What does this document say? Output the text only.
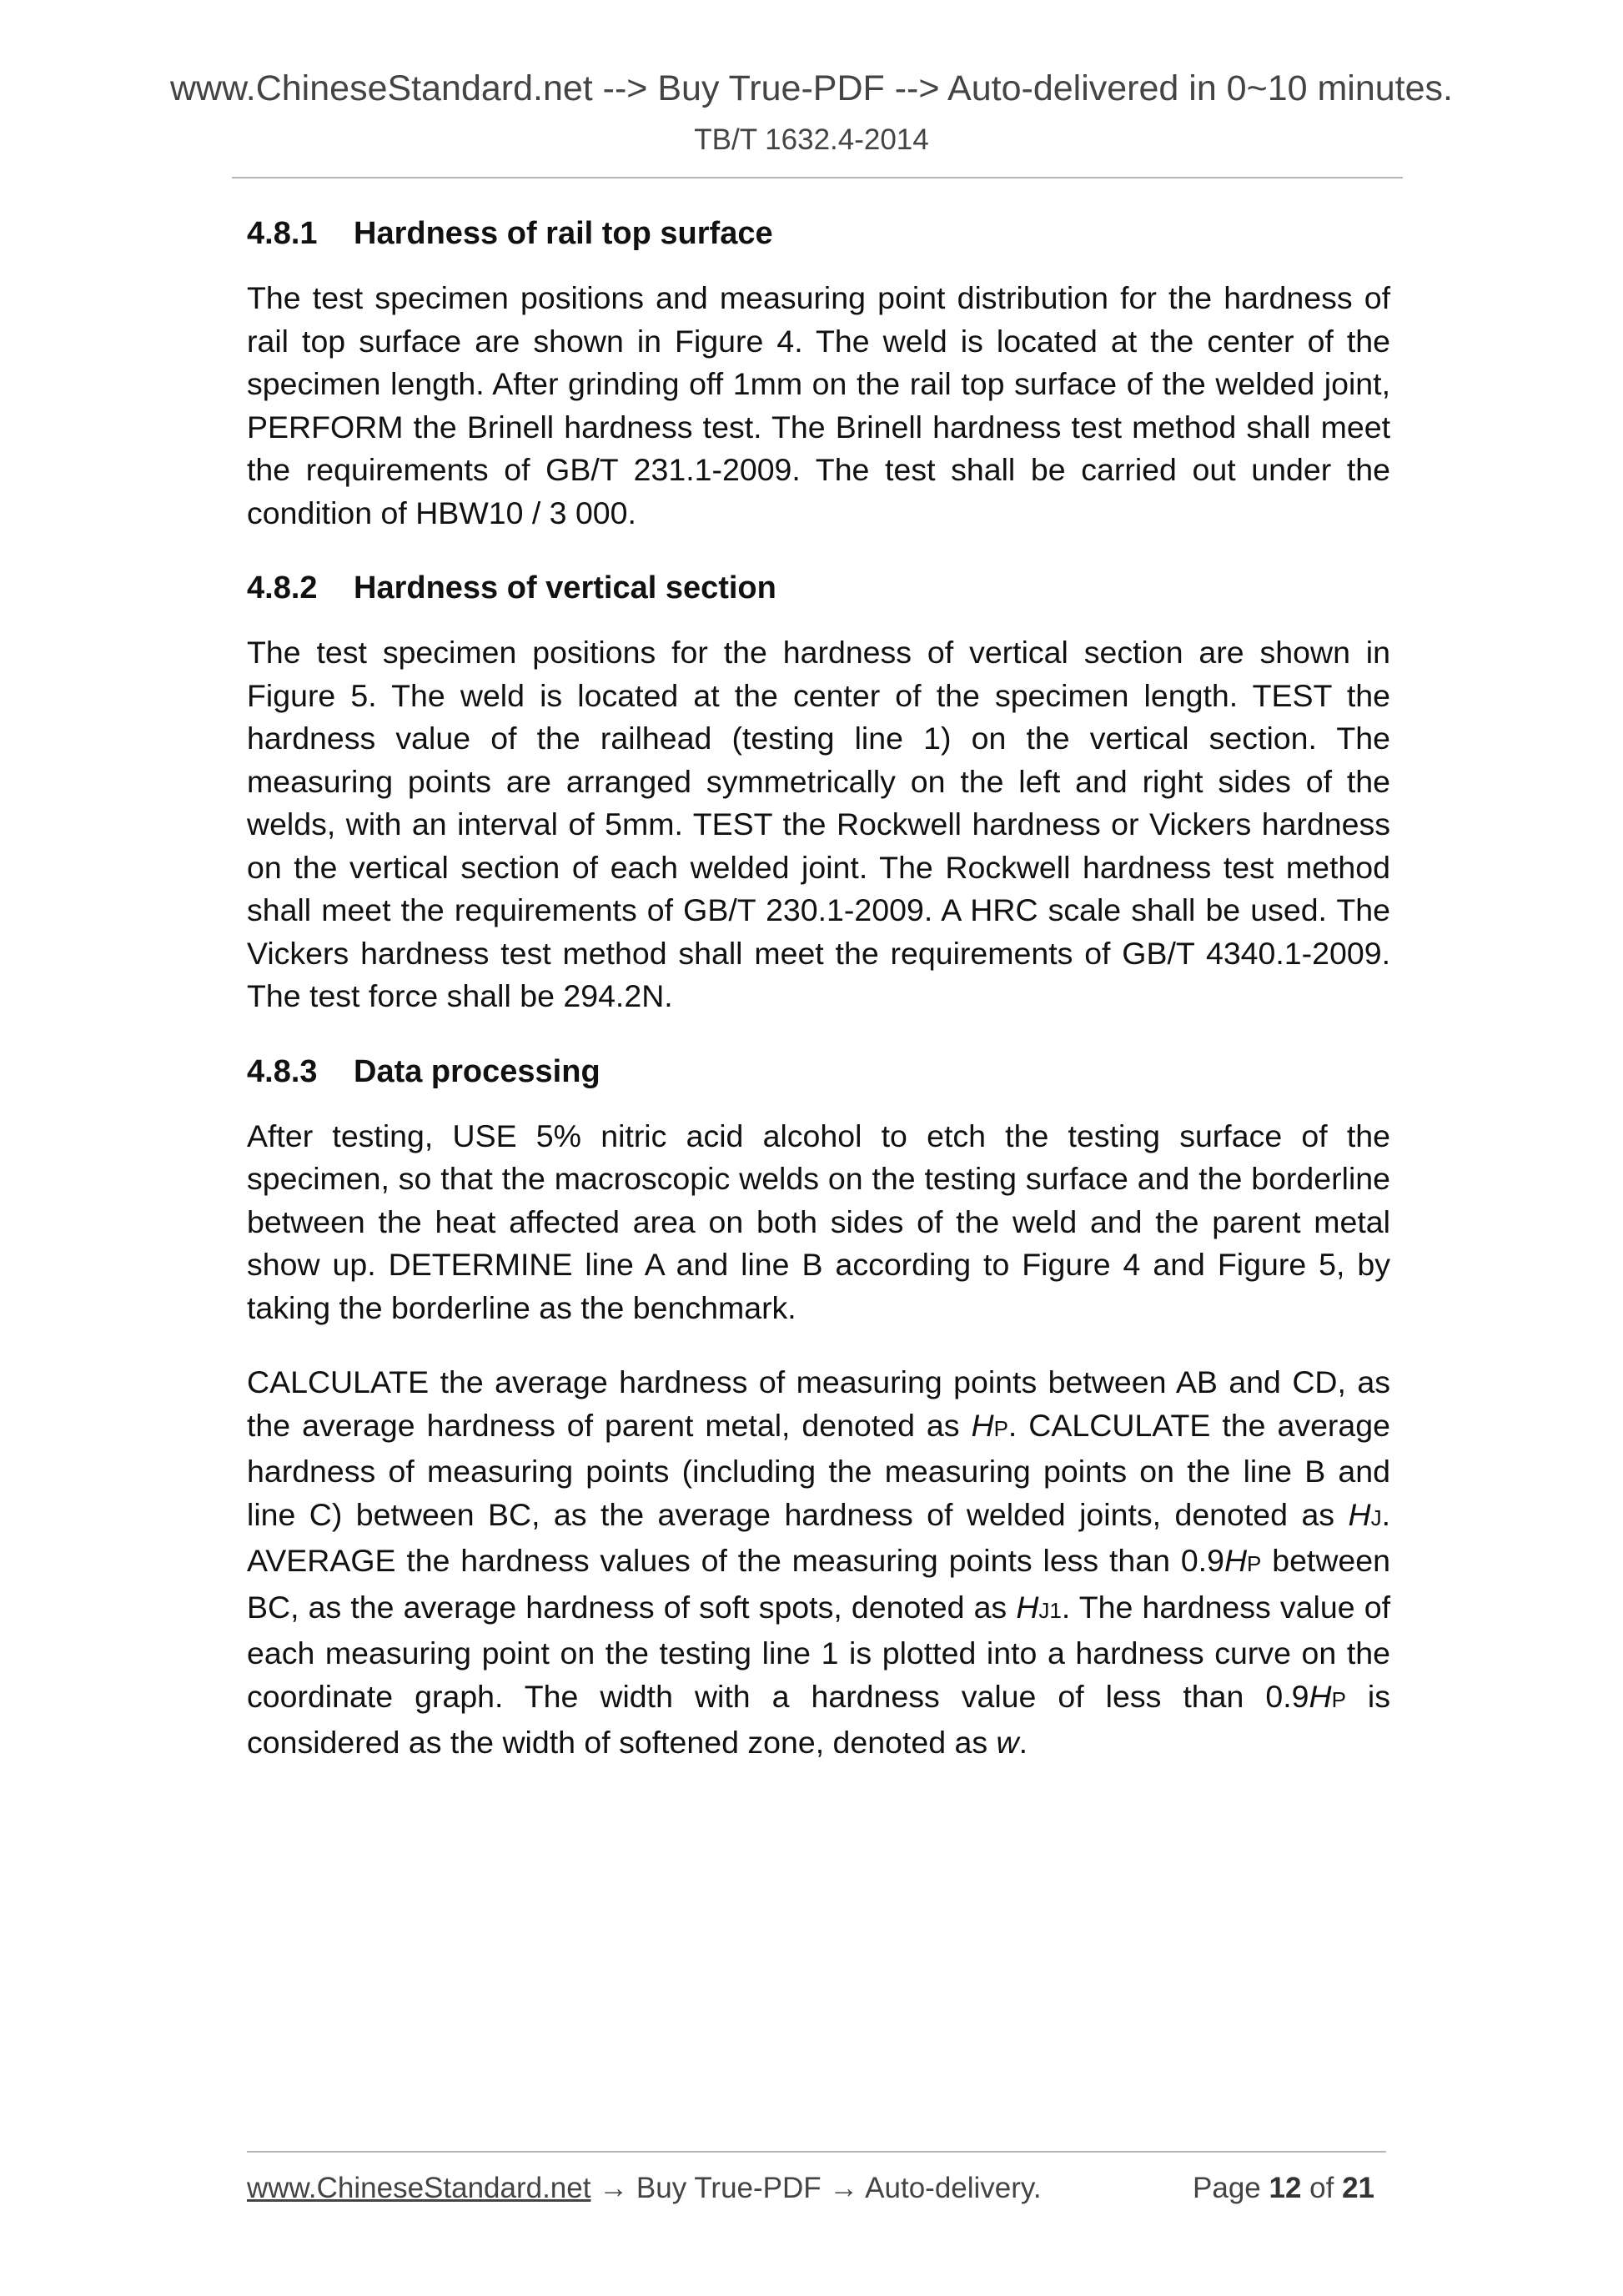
www.ChineseStandard.net --> Buy True-PDF --> Auto-delivered in 0~10 minutes.
TB/T 1632.4-2014
4.8.1 Hardness of rail top surface

The test specimen positions and measuring point distribution for the hardness of rail top surface are shown in Figure 4. The weld is located at the center of the specimen length. After grinding off 1mm on the rail top surface of the welded joint, PERFORM the Brinell hardness test. The Brinell hardness test method shall meet the requirements of GB/T 231.1-2009. The test shall be carried out under the condition of HBW10 / 3 000.

4.8.2 Hardness of vertical section

The test specimen positions for the hardness of vertical section are shown in Figure 5. The weld is located at the center of the specimen length. TEST the hardness value of the railhead (testing line 1) on the vertical section. The measuring points are arranged symmetrically on the left and right sides of the welds, with an interval of 5mm. TEST the Rockwell hardness or Vickers hardness on the vertical section of each welded joint. The Rockwell hardness test method shall meet the requirements of GB/T 230.1-2009. A HRC scale shall be used. The Vickers hardness test method shall meet the requirements of GB/T 4340.1-2009. The test force shall be 294.2N.

4.8.3 Data processing

After testing, USE 5% nitric acid alcohol to etch the testing surface of the specimen, so that the macroscopic welds on the testing surface and the borderline between the heat affected area on both sides of the weld and the parent metal show up. DETERMINE line A and line B according to Figure 4 and Figure 5, by taking the borderline as the benchmark.

CALCULATE the average hardness of measuring points between AB and CD, as the average hardness of parent metal, denoted as HP. CALCULATE the average hardness of measuring points (including the measuring points on the line B and line C) between BC, as the average hardness of welded joints, denoted as HJ. AVERAGE the hardness values of the measuring points less than 0.9HP between BC, as the average hardness of soft spots, denoted as HJ1. The hardness value of each measuring point on the testing line 1 is plotted into a hardness curve on the coordinate graph. The width with a hardness value of less than 0.9HP is considered as the width of softened zone, denoted as w.

www.ChineseStandard.net → Buy True-PDF → Auto-delivery.	Page 12 of 21
